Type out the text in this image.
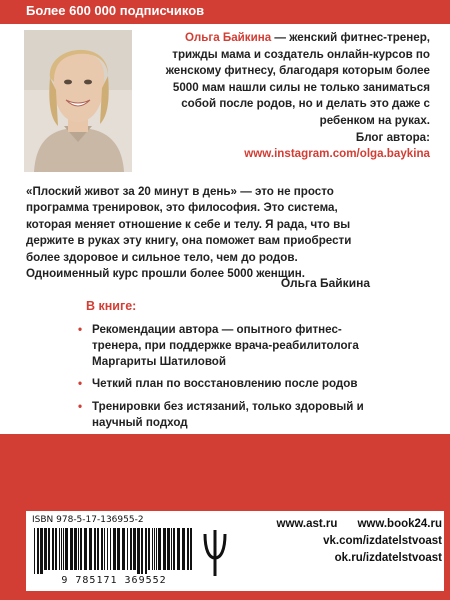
Более 600 000 подписчиков
Ольга Байкина — женский фитнес-тренер, трижды мама и создатель онлайн-курсов по женскому фитнесу, благодаря которым более 5000 мам нашли силы не только заниматься собой после родов, но и делать это даже с ребенком на руках.
Блог автора:
www.instagram.com/olga.baykina
«Плоский живот за 20 минут в день» — это не просто программа тренировок, это философия. Это система, которая меняет отношение к себе и телу. Я рада, что вы держите в руках эту книгу, она поможет вам приобрести более здоровое и сильное тело, чем до родов. Одноименный курс прошли более 5000 женщин.
Ольга Байкина
В книге:
• Рекомендации автора — опытного фитнес-тренера, при поддержке врача-реабилитолога Маргариты Шатиловой
• Четкий план по восстановлению после родов
• Тренировки без истязаний, только здоровый и научный подход
ISBN 978-5-17-136955-2
9 785171 369552
www.ast.ru www.book24.ru
vk.com/izdatelstvoast
ok.ru/izdatelstvoast
